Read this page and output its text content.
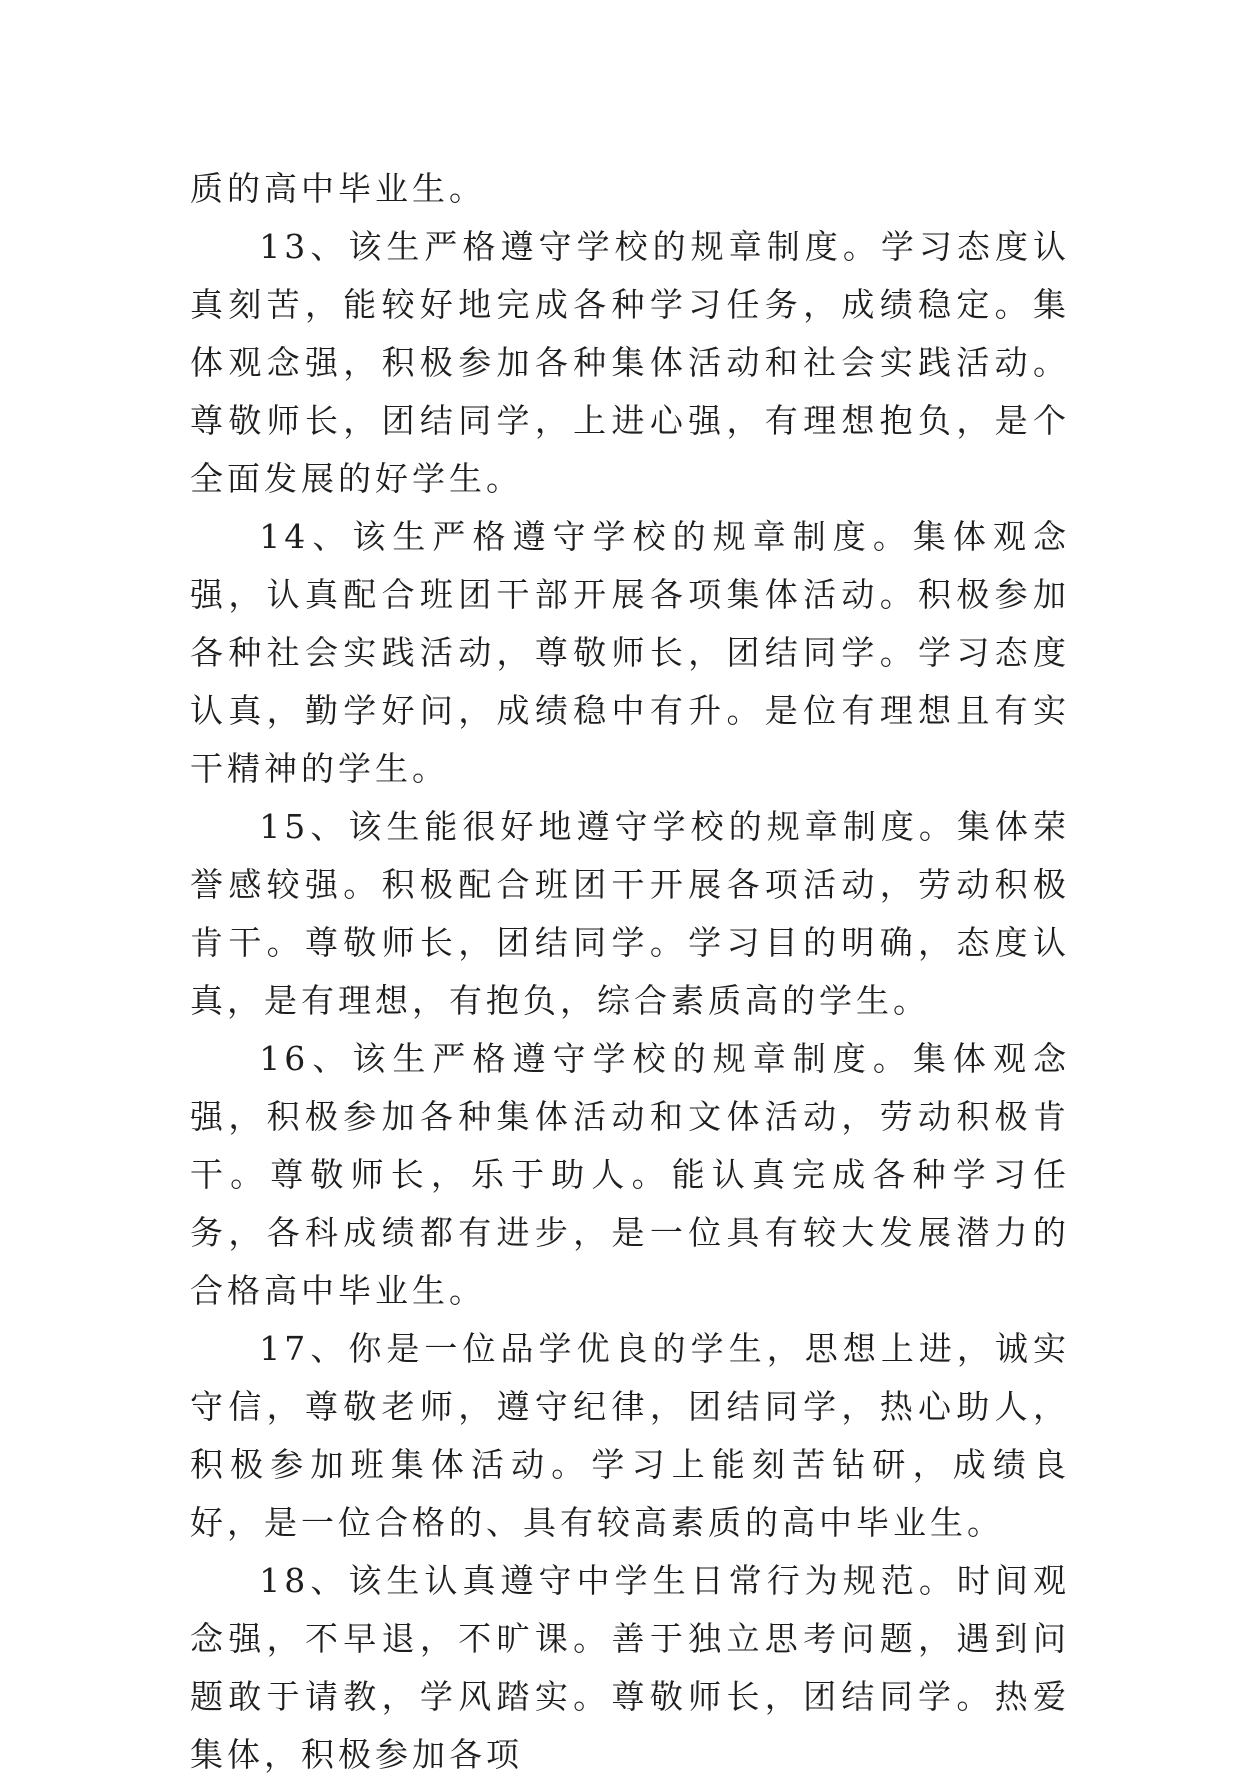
质的高中毕业生。

13、该生严格遵守学校的规章制度。学习态度认真刻苦，能较好地完成各种学习任务，成绩稳定。集体观念强，积极参加各种集体活动和社会实践活动。尊敬师长，团结同学，上进心强，有理想抱负，是个全面发展的好学生。

14、该生严格遵守学校的规章制度。集体观念强，认真配合班团干部开展各项集体活动。积极参加各种社会实践活动，尊敬师长，团结同学。学习态度认真，勤学好问，成绩稳中有升。是位有理想且有实干精神的学生。

15、该生能很好地遵守学校的规章制度。集体荣誉感较强。积极配合班团干开展各项活动，劳动积极肯干。尊敬师长，团结同学。学习目的明确，态度认真，是有理想，有抱负，综合素质高的学生。

16、该生严格遵守学校的规章制度。集体观念强，积极参加各种集体活动和文体活动，劳动积极肯干。尊敬师长，乐于助人。能认真完成各种学习任务，各科成绩都有进步，是一位具有较大发展潜力的合格高中毕业生。

17、你是一位品学优良的学生，思想上进，诚实守信，尊敬老师，遵守纪律，团结同学，热心助人，积极参加班集体活动。学习上能刻苦钻研，成绩良好，是一位合格的、具有较高素质的高中毕业生。

18、该生认真遵守中学生日常行为规范。时间观念强，不早退，不旷课。善于独立思考问题，遇到问题敢于请教，学风踏实。尊敬师长，团结同学。热爱集体，积极参加各项
